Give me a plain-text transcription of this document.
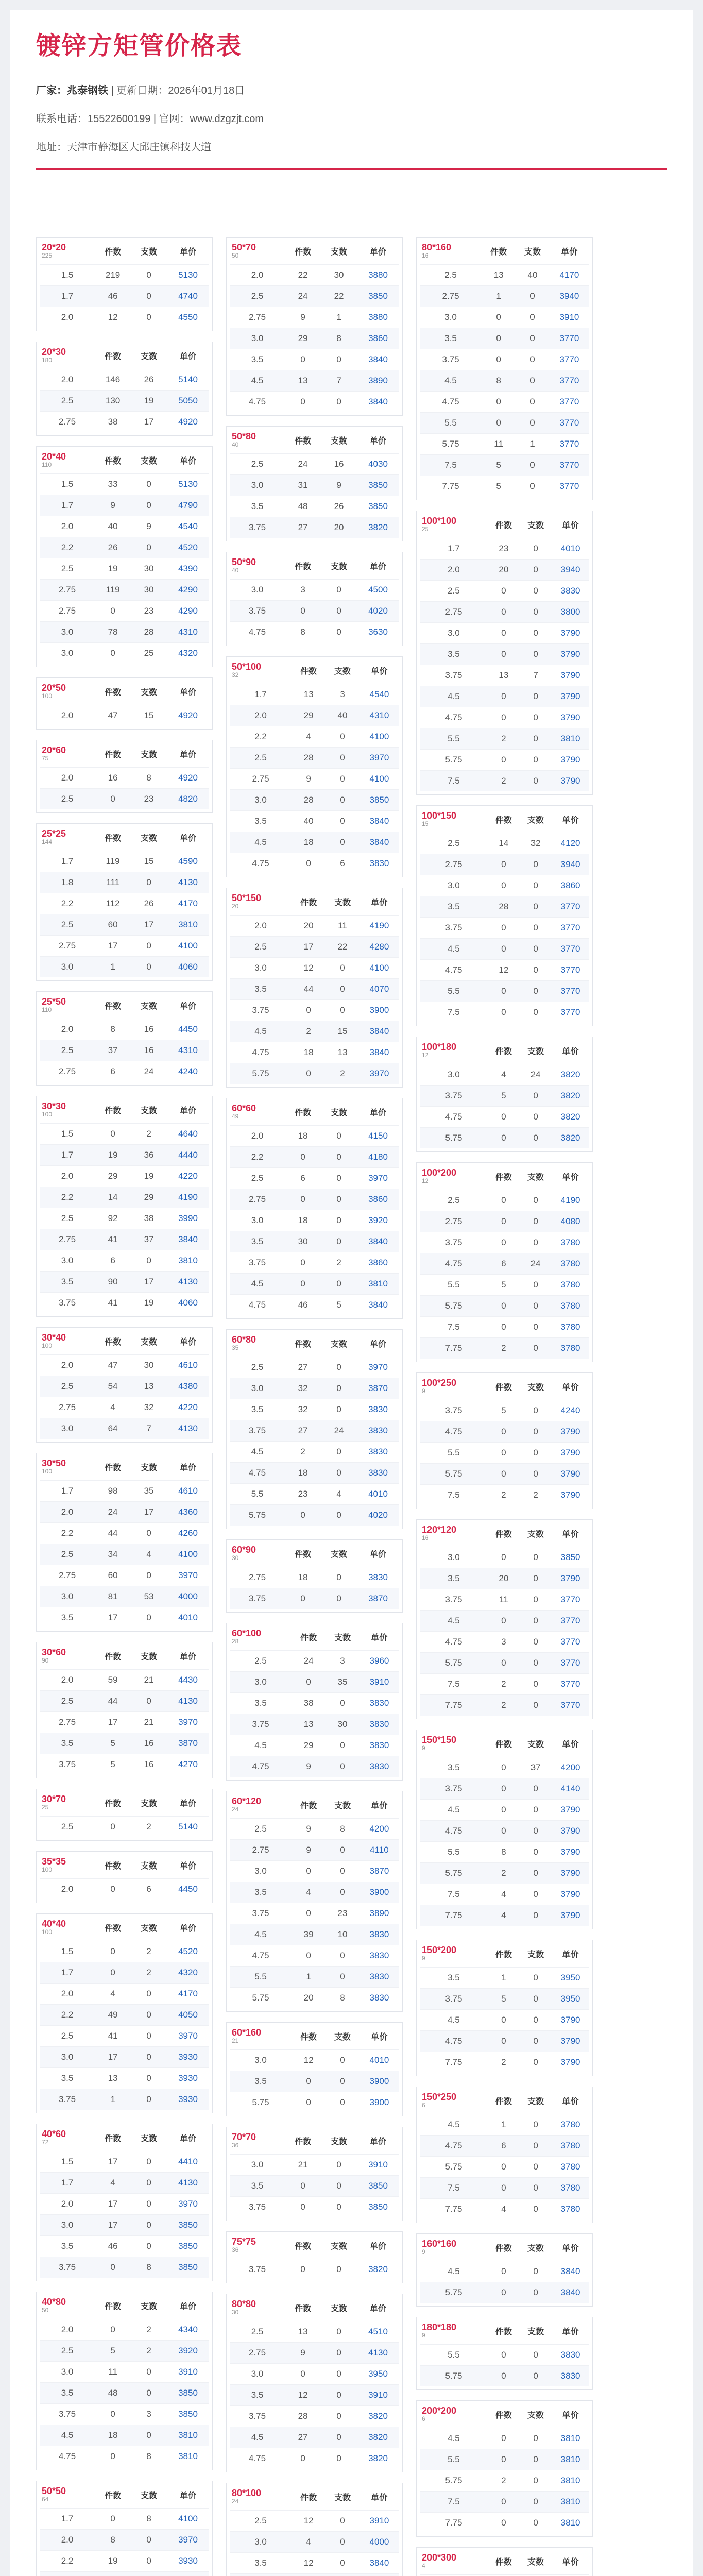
镀锌方矩管价格表

厂家：兆泰钢铁 | 更新日期：2026年01月18日

联系电话：15522600199 | 官网：www.dzgzjt.com

地址：天津市静海区大邱庄镇科技大道

20*20
225	件数	支数	单价
1.5	219	0	5130
1.7	46	0	4740
2.0	12	0	4550
20*30
180	件数	支数	单价
2.0	146	26	5140
2.5	130	19	5050
2.75	38	17	4920
20*40
110	件数	支数	单价
1.5	33	0	5130
1.7	9	0	4790
2.0	40	9	4540
2.2	26	0	4520
2.5	19	30	4390
2.75	119	30	4290
2.75	0	23	4290
3.0	78	28	4310
3.0	0	25	4320
20*50
100	件数	支数	单价
2.0	47	15	4920
20*60
75	件数	支数	单价
2.0	16	8	4920
2.5	0	23	4820
25*25
144	件数	支数	单价
1.7	119	15	4590
1.8	111	0	4130
2.2	112	26	4170
2.5	60	17	3810
2.75	17	0	4100
3.0	1	0	4060
25*50
110	件数	支数	单价
2.0	8	16	4450
2.5	37	16	4310
2.75	6	24	4240
30*30
100	件数	支数	单价
1.5	0	2	4640
1.7	19	36	4440
2.0	29	19	4220
2.2	14	29	4190
2.5	92	38	3990
2.75	41	37	3840
3.0	6	0	3810
3.5	90	17	4130
3.75	41	19	4060
30*40
100	件数	支数	单价
2.0	47	30	4610
2.5	54	13	4380
2.75	4	32	4220
3.0	64	7	4130
30*50
100	件数	支数	单价
1.7	98	35	4610
2.0	24	17	4360
2.2	44	0	4260
2.5	34	4	4100
2.75	60	0	3970
3.0	81	53	4000
3.5	17	0	4010
30*60
90	件数	支数	单价
2.0	59	21	4430
2.5	44	0	4130
2.75	17	21	3970
3.5	5	16	3870
3.75	5	16	4270
30*70
25	件数	支数	单价
2.5	0	2	5140
35*35
100	件数	支数	单价
2.0	0	6	4450
40*40
100	件数	支数	单价
1.5	0	2	4520
1.7	0	2	4320
2.0	4	0	4170
2.2	49	0	4050
2.5	41	0	3970
3.0	17	0	3930
3.5	13	0	3930
3.75	1	0	3930
40*60
72	件数	支数	单价
1.5	17	0	4410
1.7	4	0	4130
2.0	17	0	3970
3.0	17	0	3850
3.5	46	0	3850
3.75	0	8	3850
40*80
50	件数	支数	单价
2.0	0	2	4340
2.5	5	2	3920
3.0	11	0	3910
3.5	48	0	3850
3.75	0	3	3850
4.5	18	0	3810
4.75	0	8	3810
50*50
64	件数	支数	单价
1.7	0	8	4100
2.0	8	0	3970
2.2	19	0	3930

50*70
50	件数	支数	单价
2.0	22	30	3880
2.5	24	22	3850
2.75	9	1	3880
3.0	29	8	3860
3.5	0	0	3840
4.5	13	7	3890
4.75	0	0	3840
50*80
40	件数	支数	单价
2.5	24	16	4030
3.0	31	9	3850
3.5	48	26	3850
3.75	27	20	3820
50*90
40	件数	支数	单价
3.0	3	0	4500
3.75	0	0	4020
4.75	8	0	3630
50*100
32	件数	支数	单价
1.7	13	3	4540
2.0	29	40	4310
2.2	4	0	4100
2.5	28	0	3970
2.75	9	0	4100
3.0	28	0	3850
3.5	40	0	3840
4.5	18	0	3840
4.75	0	6	3830
50*150
20	件数	支数	单价
2.0	20	11	4190
2.5	17	22	4280
3.0	12	0	4100
3.5	44	0	4070
3.75	0	0	3900
4.5	2	15	3840
4.75	18	13	3840
5.75	0	2	3970
60*60
49	件数	支数	单价
2.0	18	0	4150
2.2	0	0	4180
2.5	6	0	3970
2.75	0	0	3860
3.0	18	0	3920
3.5	30	0	3840
3.75	0	2	3860
4.5	0	0	3810
4.75	46	5	3840
60*80
35	件数	支数	单价
2.5	27	0	3970
3.0	32	0	3870
3.5	32	0	3830
3.75	27	24	3830
4.5	2	0	3830
4.75	18	0	3830
5.5	23	4	4010
5.75	0	0	4020
60*90
30	件数	支数	单价
2.75	18	0	3830
3.75	0	0	3870
60*100
28	件数	支数	单价
2.5	24	3	3960
3.0	0	35	3910
3.5	38	0	3830
3.75	13	30	3830
4.5	29	0	3830
4.75	9	0	3830
60*120
24	件数	支数	单价
2.5	9	8	4200
2.75	9	0	4110
3.0	0	0	3870
3.5	4	0	3900
3.75	0	23	3890
4.5	39	10	3830
4.75	0	0	3830
5.5	1	0	3830
5.75	20	8	3830
60*160
21	件数	支数	单价
3.0	12	0	4010
3.5	0	0	3900
5.75	0	0	3900
70*70
36	件数	支数	单价
3.0	21	0	3910
3.5	0	0	3850
3.75	0	0	3850
75*75
36	件数	支数	单价
3.75	0	0	3820
80*80
30	件数	支数	单价
2.5	13	0	4510
2.75	9	0	4130
3.0	0	0	3950
3.5	12	0	3910
3.75	28	0	3820
4.5	27	0	3820
4.75	0	0	3820
80*100
24	件数	支数	单价
2.5	12	0	3910
3.0	4	0	4000
3.5	12	0	3840

80*160
16	件数	支数	单价
2.5	13	40	4170
2.75	1	0	3940
3.0	0	0	3910
3.5	0	0	3770
3.75	0	0	3770
4.5	8	0	3770
4.75	0	0	3770
5.5	0	0	3770
5.75	11	1	3770
7.5	5	0	3770
7.75	5	0	3770
100*100
25	件数	支数	单价
1.7	23	0	4010
2.0	20	0	3940
2.5	0	0	3830
2.75	0	0	3800
3.0	0	0	3790
3.5	0	0	3790
3.75	13	7	3790
4.5	0	0	3790
4.75	0	0	3790
5.5	2	0	3810
5.75	0	0	3790
7.5	2	0	3790
100*150
15	件数	支数	单价
2.5	14	32	4120
2.75	0	0	3940
3.0	0	0	3860
3.5	28	0	3770
3.75	0	0	3770
4.5	0	0	3770
4.75	12	0	3770
5.5	0	0	3770
7.5	0	0	3770
100*180
12	件数	支数	单价
3.0	4	24	3820
3.75	5	0	3820
4.75	0	0	3820
5.75	0	0	3820
100*200
12	件数	支数	单价
2.5	0	0	4190
2.75	0	0	4080
3.75	0	0	3780
4.75	6	24	3780
5.5	5	0	3780
5.75	0	0	3780
7.5	0	0	3780
7.75	2	0	3780
100*250
9	件数	支数	单价
3.75	5	0	4240
4.75	0	0	3790
5.5	0	0	3790
5.75	0	0	3790
7.5	2	2	3790
120*120
16	件数	支数	单价
3.0	0	0	3850
3.5	20	0	3790
3.75	11	0	3770
4.5	0	0	3770
4.75	3	0	3770
5.75	0	0	3770
7.5	2	0	3770
7.75	2	0	3770
150*150
9	件数	支数	单价
3.5	0	37	4200
3.75	0	0	4140
4.5	0	0	3790
4.75	0	0	3790
5.5	8	0	3790
5.75	2	0	3790
7.5	4	0	3790
7.75	4	0	3790
150*200
9	件数	支数	单价
3.5	1	0	3950
3.75	5	0	3950
4.5	0	0	3790
4.75	0	0	3790
7.75	2	0	3790
150*250
6	件数	支数	单价
4.5	1	0	3780
4.75	6	0	3780
5.75	0	0	3780
7.5	0	0	3780
7.75	4	0	3780
160*160
9	件数	支数	单价
4.5	0	0	3840
5.75	0	0	3840
180*180
9	件数	支数	单价
5.5	0	0	3830
5.75	0	0	3830
200*200
6	件数	支数	单价
4.5	0	0	3810
5.5	0	0	3810
5.75	2	0	3810
7.5	0	0	3810
7.75	0	0	3810
200*300
4	件数	支数	单价
